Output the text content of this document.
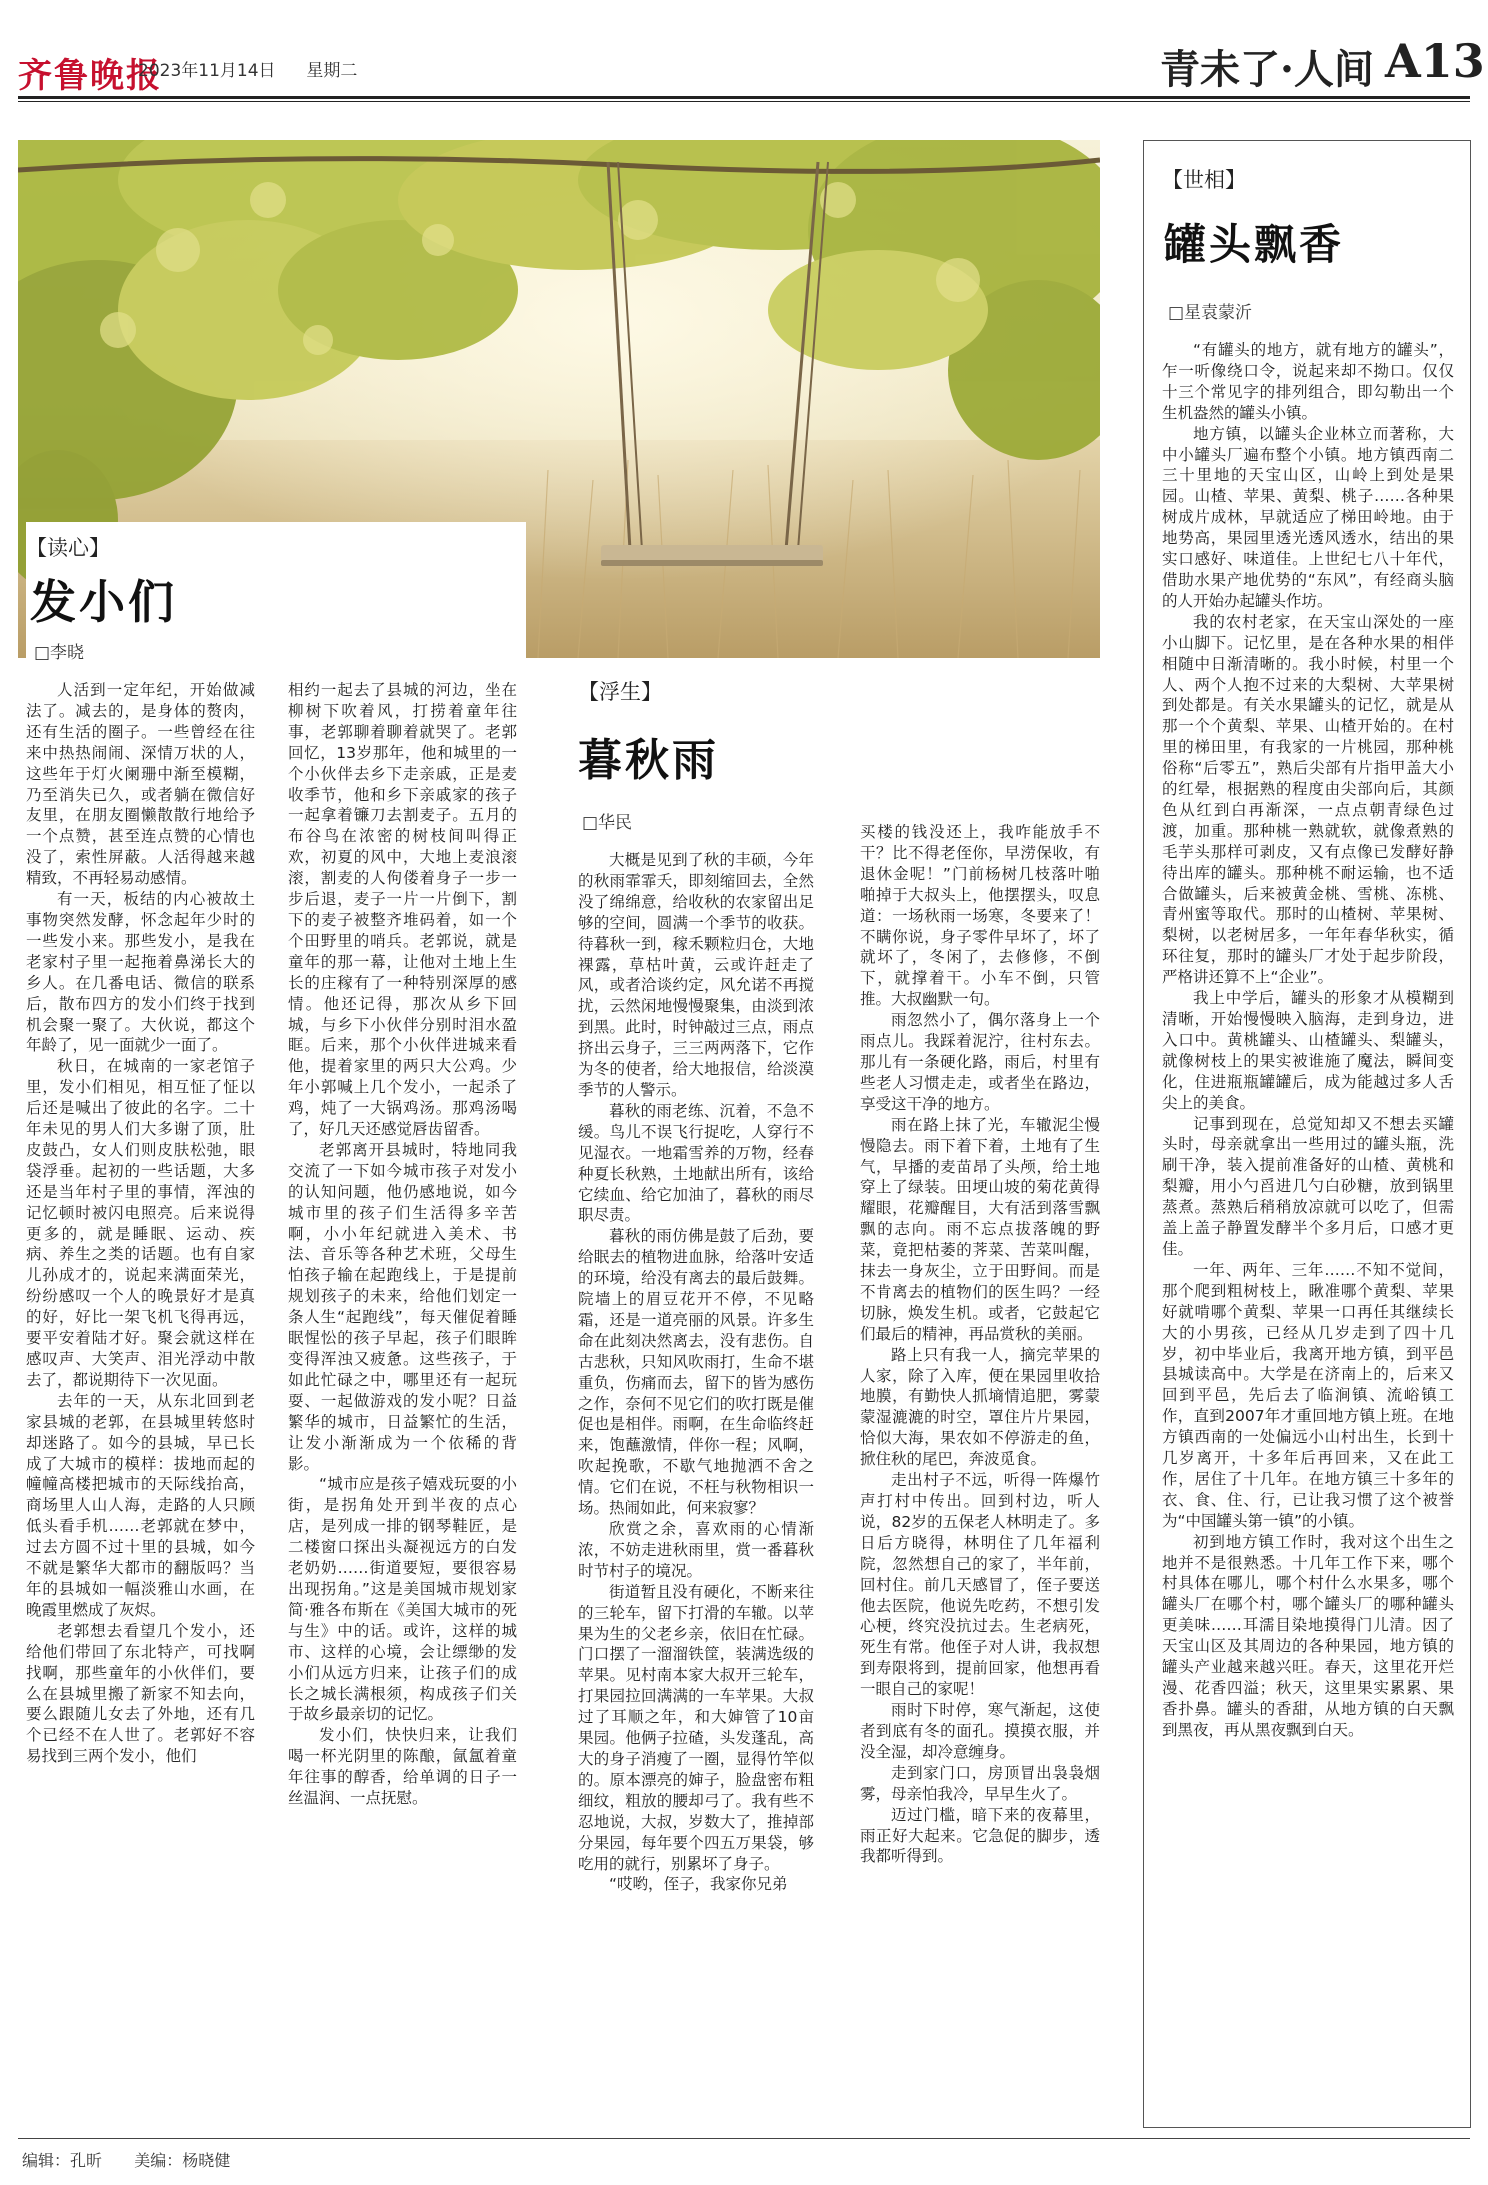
齐鲁晚报
2023年11月14日 星期二	青未了·人间 A13
【读心】
发小们
□李晓

人活到一定年纪，开始做减法了。减去的，是身体的赘肉，还有生活的圈子。一些曾经在往来中热热闹闹、深情万状的人，这些年于灯火阑珊中渐至模糊，乃至消失已久，或者躺在微信好友里，在朋友圈懒散散行地给予一个点赞，甚至连点赞的心情也没了，索性屏蔽。人活得越来越精致，不再轻易动感情。

有一天，板结的内心被故土事物突然发酵，怀念起年少时的一些发小来。那些发小，是我在老家村子里一起拖着鼻涕长大的乡人。在几番电话、微信的联系后，散布四方的发小们终于找到机会聚一聚了。大伙说，都这个年龄了，见一面就少一面了。

秋日，在城南的一家老馆子里，发小们相见，相互怔了怔以后还是喊出了彼此的名字。二十年未见的男人们大多谢了顶，肚皮鼓凸，女人们则皮肤松弛，眼袋浮垂。起初的一些话题，大多还是当年村子里的事情，浑浊的记忆顿时被闪电照亮。后来说得更多的，就是睡眠、运动、疾病、养生之类的话题。也有自家儿孙成才的，说起来满面荣光，纷纷感叹一个人的晚景好才是真的好，好比一架飞机飞得再远，要平安着陆才好。聚会就这样在感叹声、大笑声、泪光浮动中散去了，都说期待下一次见面。

去年的一天，从东北回到老家县城的老郭，在县城里转悠时却迷路了。如今的县城，早已长成了大城市的模样：拔地而起的幢幢高楼把城市的天际线抬高，商场里人山人海，走路的人只顾低头看手机……老郭就在梦中，过去方圆不过十里的县城，如今不就是繁华大都市的翻版吗？当年的县城如一幅淡雅山水画，在晚霞里燃成了灰烬。

老郭想去看望几个发小，还给他们带回了东北特产，可找啊找啊，那些童年的小伙伴们，要么在县城里搬了新家不知去向，要么跟随儿女去了外地，还有几个已经不在人世了。老郭好不容易找到三两个发小，他们

相约一起去了县城的河边，坐在柳树下吹着风，打捞着童年往事，老郭聊着聊着就哭了。老郭回忆，13岁那年，他和城里的一个小伙伴去乡下走亲戚，正是麦收季节，他和乡下亲戚家的孩子一起拿着镰刀去割麦子。五月的布谷鸟在浓密的树枝间叫得正欢，初夏的风中，大地上麦浪滚滚，割麦的人佝偻着身子一步一步后退，麦子一片一片倒下，割下的麦子被整齐堆码着，如一个个田野里的哨兵。老郭说，就是童年的那一幕，让他对土地上生长的庄稼有了一种特别深厚的感情。他还记得，那次从乡下回城，与乡下小伙伴分别时泪水盈眶。后来，那个小伙伴进城来看他，提着家里的两只大公鸡。少年小郭喊上几个发小，一起杀了鸡，炖了一大锅鸡汤。那鸡汤喝了，好几天还感觉唇齿留香。

老郭离开县城时，特地同我交流了一下如今城市孩子对发小的认知问题，他仍感地说，如今城市里的孩子们生活得多辛苦啊，小小年纪就进入美术、书法、音乐等各种艺术班，父母生怕孩子输在起跑线上，于是提前规划孩子的未来，给他们划定一条人生“起跑线”，每天催促着睡眠惺忪的孩子早起，孩子们眼眸变得浑浊又疲惫。这些孩子，于如此忙碌之中，哪里还有一起玩耍、一起做游戏的发小呢？日益繁华的城市，日益繁忙的生活，让发小渐渐成为一个依稀的背影。

“城市应是孩子嬉戏玩耍的小街，是拐角处开到半夜的点心店，是列成一排的钢琴鞋匠，是二楼窗口探出头凝视远方的白发老奶奶……街道要短，要很容易出现拐角。”这是美国城市规划家简·雅各布斯在《美国大城市的死与生》中的话。或许，这样的城市、这样的心境，会让缥缈的发小们从远方归来，让孩子们的成长之城长满根须，构成孩子们关于故乡最亲切的记忆。

发小们，快快归来，让我们喝一杯光阴里的陈酿，氤氲着童年往事的醇香，给单调的日子一丝温润、一点抚慰。

【浮生】
暮秋雨
□华民

大概是见到了秋的丰硕，今年的秋雨霏霏夭，即刻缩回去，全然没了绵绵意，给收秋的农家留出足够的空间，圆满一个季节的收获。待暮秋一到，稼禾颗粒归仓，大地裸露，草枯叶黄，云或许赶走了风，或者洽谈约定，风允诺不再搅扰，云然闲地慢慢聚集，由淡到浓到黑。此时，时钟敲过三点，雨点挤出云身子，三三两两落下，它作为冬的使者，给大地报信，给淡漠季节的人警示。

暮秋的雨老练、沉着，不急不缓。鸟儿不误飞行捉吃，人穿行不见湿衣。一地霜雪养的万物，经春种夏长秋熟，土地献出所有，该给它续血、给它加油了，暮秋的雨尽职尽责。

暮秋的雨仿佛是鼓了后劲，要给眠去的植物进血脉，给落叶安适的环境，给没有离去的最后鼓舞。院墙上的眉豆花开不停，不见略霜，还是一道亮丽的风景。许多生命在此刻决然离去，没有悲伤。自古悲秋，只知风吹雨打，生命不堪重负，伤痛而去，留下的皆为感伤之作，奈何不见它们的吹打既是催促也是相伴。雨啊，在生命临终赶来，饱蘸激情，伴你一程；风啊，吹起挽歌，不歇气地抛洒不舍之情。它们在说，不枉与秋物相识一场。热闹如此，何来寂寥？

欣赏之余，喜欢雨的心情渐浓，不妨走进秋雨里，赏一番暮秋时节村子的境况。

街道暂且没有硬化，不断来往的三轮车，留下打滑的车辙。以苹果为生的父老乡亲，依旧在忙碌。门口摆了一溜溜铁筐，装满选级的苹果。见村南本家大叔开三轮车，打果园拉回满满的一车苹果。大叔过了耳顺之年，和大婶管了10亩果园。他俩子拉碴，头发蓬乱，高大的身子消瘦了一圈，显得竹竿似的。原本漂亮的婶子，脸盘密布粗细纹，粗放的腰却弓了。我有些不忍地说，大叔，岁数大了，推掉部分果园，每年要个四五万果袋，够吃用的就行，别累坏了身子。

“哎哟，侄子，我家你兄弟

买楼的钱没还上，我咋能放手不干？比不得老侄你，早涝保收，有退休金呢！”门前杨树几枝落叶啪啪掉于大叔头上，他摆摆头，叹息道：一场秋雨一场寒，冬要来了！不瞒你说，身子零件早坏了，坏了就坏了，冬闲了，去修修，不倒下，就撑着干。小车不倒，只管推。大叔幽默一句。

雨忽然小了，偶尔落身上一个雨点儿。我踩着泥泞，往村东去。那儿有一条硬化路，雨后，村里有些老人习惯走走，或者坐在路边，享受这干净的地方。

雨在路上抹了光，车辙泥尘慢慢隐去。雨下着下着，土地有了生气，早播的麦苗昂了头颅，给土地穿上了绿装。田埂山坡的菊花黄得耀眼，花瓣醒目，大有活到落雪飘飘的志向。雨不忘点拔落魄的野菜，竟把枯萎的荠菜、苦菜叫醒，抹去一身灰尘，立于田野间。而是不肯离去的植物们的医生吗？一经切脉，焕发生机。或者，它鼓起它们最后的精神，再品赏秋的美丽。

路上只有我一人，摘完苹果的人家，除了入库，便在果园里收拾地膜，有勤快人抓墒情追肥，雾蒙蒙湿漉漉的时空，罩住片片果园，恰似大海，果农如不停游走的鱼，掀住秋的尾巴，奔波觅食。

走出村子不远，听得一阵爆竹声打村中传出。回到村边，听人说，82岁的五保老人林明走了。多日后方晓得，林明住了几年福利院，忽然想自己的家了，半年前，回村住。前几天感冒了，侄子要送他去医院，他说先吃药，不想引发心梗，终究没抗过去。生老病死，死生有常。他侄子对人讲，我叔想到寿限将到，提前回家，他想再看一眼自己的家呢！

雨时下时停，寒气渐起，这使者到底有冬的面孔。摸摸衣服，并没全湿，却冷意缠身。

走到家门口，房顶冒出袅袅烟雾，母亲怕我冷，早早生火了。

迈过门槛，暗下来的夜幕里，雨正好大起来。它急促的脚步，透我都听得到。

【世相】
罐头飘香
□星袁蒙沂

“有罐头的地方，就有地方的罐头”，乍一听像绕口令，说起来却不拗口。仅仅十三个常见字的排列组合，即勾勒出一个生机盎然的罐头小镇。

地方镇，以罐头企业林立而著称，大中小罐头厂遍布整个小镇。地方镇西南二三十里地的天宝山区，山岭上到处是果园。山楂、苹果、黄梨、桃子……各种果树成片成林，早就适应了梯田岭地。由于地势高，果园里透光透风透水，结出的果实口感好、味道佳。上世纪七八十年代，借助水果产地优势的“东风”，有经商头脑的人开始办起罐头作坊。

我的农村老家，在天宝山深处的一座小山脚下。记忆里，是在各种水果的相伴相随中日渐清晰的。我小时候，村里一个人、两个人抱不过来的大梨树、大苹果树到处都是。有关水果罐头的记忆，就是从那一个个黄梨、苹果、山楂开始的。在村里的梯田里，有我家的一片桃园，那种桃俗称“后零五”，熟后尖部有片指甲盖大小的红晕，根据熟的程度由尖部向后，其颜色从红到白再渐深，一点点朝青绿色过渡，加重。那种桃一熟就软，就像煮熟的毛芋头那样可剥皮，又有点像已发酵好静待出库的罐头。那种桃不耐运输，也不适合做罐头，后来被黄金桃、雪桃、冻桃、青州蜜等取代。那时的山楂树、苹果树、梨树，以老树居多，一年年春华秋实，循环往复，那时的罐头厂才处于起步阶段，严格讲还算不上“企业”。

我上中学后，罐头的形象才从模糊到清晰，开始慢慢映入脑海，走到身边，进入口中。黄桃罐头、山楂罐头、梨罐头，就像树枝上的果实被谁施了魔法，瞬间变化，住进瓶瓶罐罐后，成为能越过多人舌尖上的美食。

记事到现在，总觉知却又不想去买罐头时，母亲就拿出一些用过的罐头瓶，洗刷干净，装入提前准备好的山楂、黄桃和梨瓣，用小勺舀进几勺白砂糖，放到锅里蒸煮。蒸熟后稍稍放凉就可以吃了，但需盖上盖子静置发酵半个多月后，口感才更佳。

一年、两年、三年……不知不觉间，那个爬到粗树枝上，瞅准哪个黄梨、苹果好就啃哪个黄梨、苹果一口再任其继续长大的小男孩，已经从几岁走到了四十几岁，初中毕业后，我离开地方镇，到平邑县城读高中。大学是在济南上的，后来又回到平邑，先后去了临涧镇、流峪镇工作，直到2007年才重回地方镇上班。在地方镇西南的一处偏远小山村出生，长到十几岁离开，十多年后再回来，又在此工作，居住了十几年。在地方镇三十多年的衣、食、住、行，已让我习惯了这个被誉为“中国罐头第一镇”的小镇。

初到地方镇工作时，我对这个出生之地并不是很熟悉。十几年工作下来，哪个村具体在哪儿，哪个村什么水果多，哪个罐头厂在哪个村，哪个罐头厂的哪种罐头更美味……耳濡目染地摸得门儿清。因了天宝山区及其周边的各种果园，地方镇的罐头产业越来越兴旺。春天，这里花开烂漫、花香四溢；秋天，这里果实累累、果香扑鼻。罐头的香甜，从地方镇的白天飘到黑夜，再从黑夜飘到白天。

编辑：孔昕 美编：杨晓健
